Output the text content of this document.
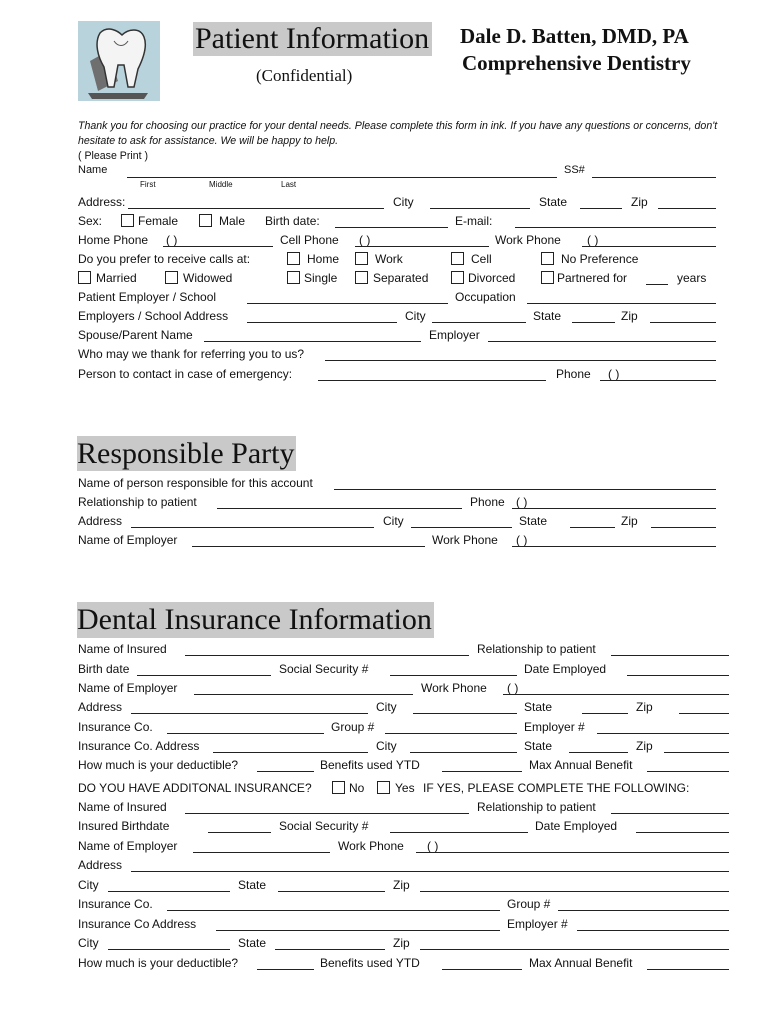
Patient Information
(Confidential)
Dale D. Batten, DMD, PA
Comprehensive Dentistry
Thank you for choosing our practice for your dental needs. Please complete this form in ink. If you have any questions or concerns, don't
hesitate to ask for assistance. We will be happy to help.
( Please Print )
Name	SS#
First	Middle	Last
Address:	City	State	Zip
Sex:	Female	Male Birth date:	E-mail:
Home Phone ( )	Cell Phone ( )	Work Phone ( )
Do you prefer to receive calls at:	Home	Work	Cell	No Preference
Married	Widowed	Single	Separated	Divorced	Partnered for	years
Patient Employer / School	Occupation
Employers / School Address	City	State	Zip
Spouse/Parent Name	Employer
Who may we thank for referring you to us?
Person to contact in case of emergency:	Phone ( )
Responsible Party
Name of person responsible for this account
Relationship to patient	Phone ( )
Address	City	State	Zip
Name of Employer	Work Phone ( )
Dental Insurance Information
Name of Insured	Relationship to patient
Birth date	Social Security #	Date Employed
Name of Employer	Work Phone ( )
Address	City	State	Zip
Insurance Co.	Group #	Employer #
Insurance Co. Address	City	State	Zip
How much is your deductible?	Benefits used YTD	Max Annual Benefit
DO YOU HAVE ADDITONAL INSURANCE?	No	Yes IF YES, PLEASE COMPLETE THE FOLLOWING:
Name of Insured	Relationship to patient
Insured Birthdate	Social Security #	Date Employed
Name of Employer	Work Phone ( )
Address
City	State	Zip
Insurance Co.	Group #
Insurance Co Address	Employer #
City	State	Zip
How much is your deductible?	Benefits used YTD	Max Annual Benefit
